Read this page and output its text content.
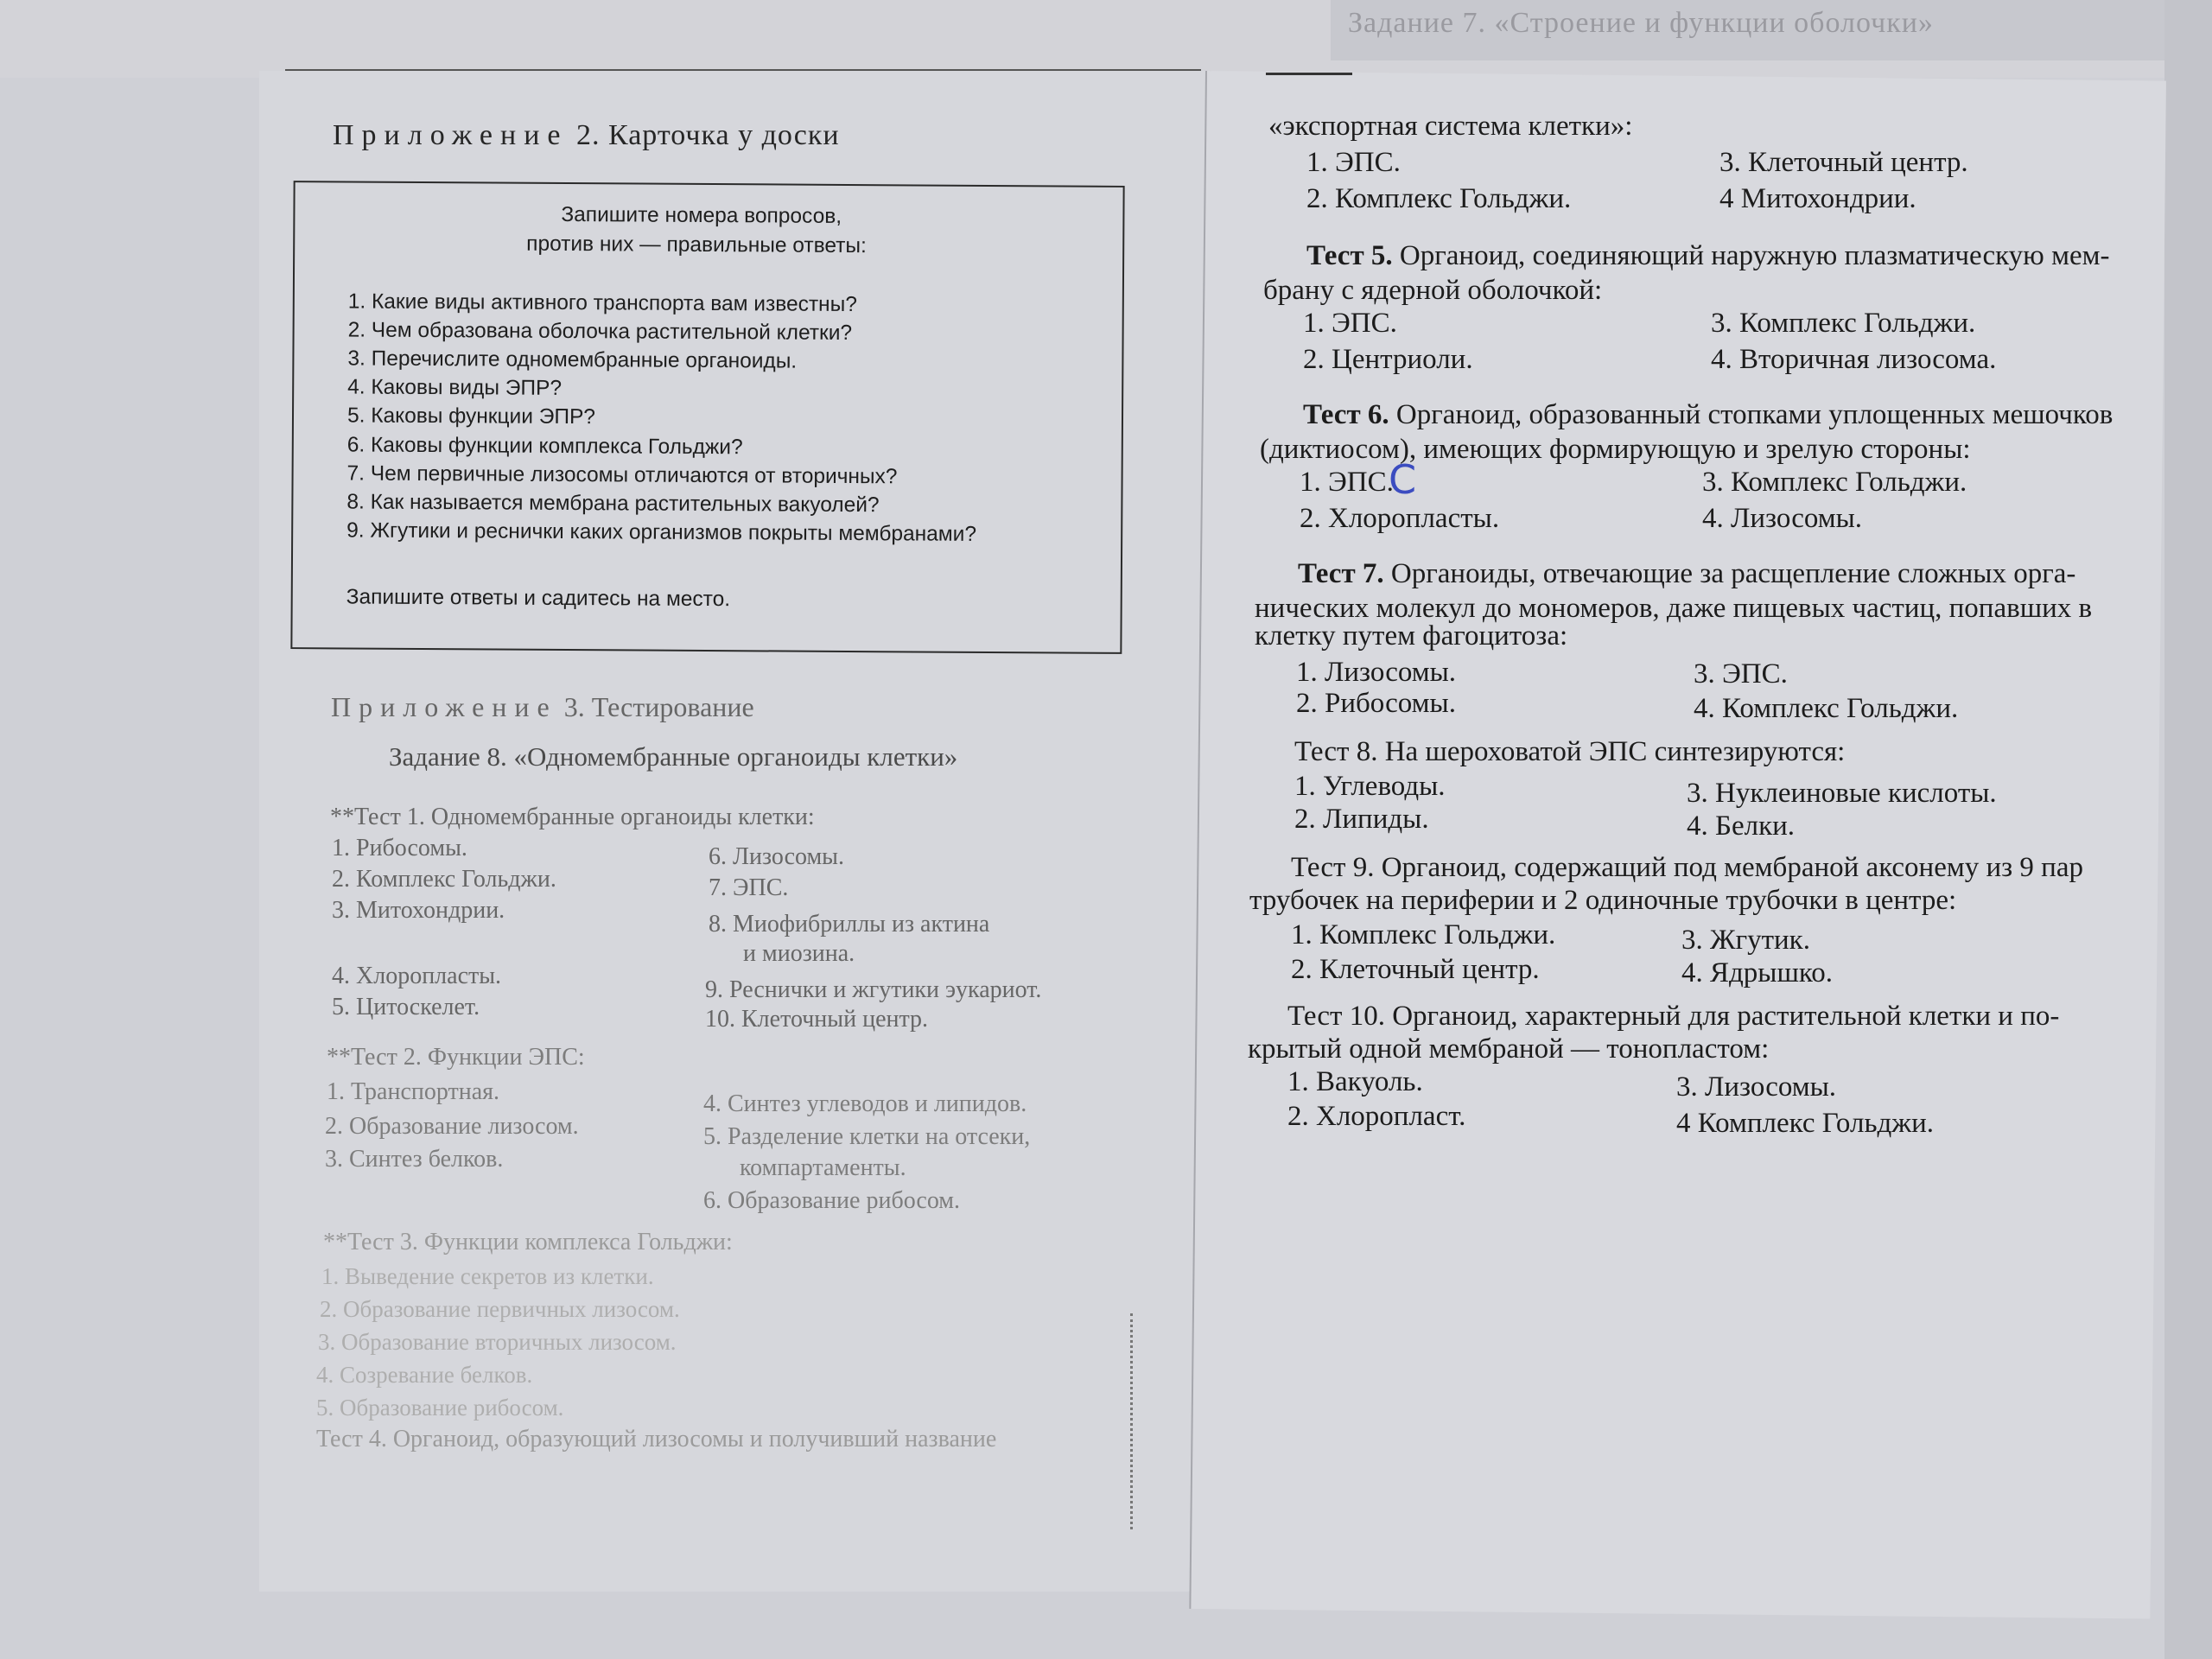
Задание 7. «Строение и функции оболочки»
Приложение 2. Карточка у доски
Запишите номера вопросов,
против них — правильные ответы:
1. Какие виды активного транспорта вам известны?
2. Чем образована оболочка растительной клетки?
3. Перечислите одномембранные органоиды.
4. Каковы виды ЭПР?
5. Каковы функции ЭПР?
6. Каковы функции комплекса Гольджи?
7. Чем первичные лизосомы отличаются от вторичных?
8. Как называется мембрана растительных вакуолей?
9. Жгутики и реснички каких организмов покрыты мембранами?
Запишите ответы и садитесь на место.
Приложение 3. Тестирование
Задание 8. «Одномембранные органоиды клетки»
**Тест 1. Одномембранные органоиды клетки:
1. Рибосомы.
2. Комплекс Гольджи.
3. Митохондрии.
4. Хлоропласты.
5. Цитоскелет.
6. Лизосомы.
7. ЭПС.
8. Миофибриллы из актина
и миозина.
9. Реснички и жгутики эукариот.
10. Клеточный центр.
**Тест 2. Функции ЭПС:
1. Транспортная.
2. Образование лизосом.
3. Синтез белков.
4. Синтез углеводов и липидов.
5. Разделение клетки на отсеки,
компартаменты.
6. Образование рибосом.
**Тест 3. Функции комплекса Гольджи:
1. Выведение секретов из клетки.
2. Образование первичных лизосом.
3. Образование вторичных лизосом.
4. Созревание белков.
5. Образование рибосом.
Тест 4. Органоид, образующий лизосомы и получивший название
«экспортная система клетки»:
1. ЭПС.
2. Комплекс Гольджи.
3. Клеточный центр.
4 Митохондрии.
Тест 5. Органоид, соединяющий наружную плазматическую мем-
брану с ядерной оболочкой:
1. ЭПС.
2. Центриоли.
3. Комплекс Гольджи.
4. Вторичная лизосома.
Тест 6. Органоид, образованный стопками уплощенных мешочков
(диктиосом), имеющих формирующую и зрелую стороны:
1. ЭПС.
2. Хлоропласты.
3. Комплекс Гольджи.
4. Лизосомы.
С
Тест 7. Органоиды, отвечающие за расщепление сложных орга-
нических молекул до мономеров, даже пищевых частиц, попавших в
клетку путем фагоцитоза:
1. Лизосомы.
2. Рибосомы.
3. ЭПС.
4. Комплекс Гольджи.
Тест 8. На шероховатой ЭПС синтезируются:
1. Углеводы.
2. Липиды.
3. Нуклеиновые кислоты.
4. Белки.
Тест 9. Органоид, содержащий под мембраной аксонему из 9 пар
трубочек на периферии и 2 одиночные трубочки в центре:
1. Комплекс Гольджи.
2. Клеточный центр.
3. Жгутик.
4. Ядрышко.
Тест 10. Органоид, характерный для растительной клетки и по-
крытый одной мембраной — тонопластом:
1. Вакуоль.
2. Хлоропласт.
3. Лизосомы.
4 Комплекс Гольджи.
